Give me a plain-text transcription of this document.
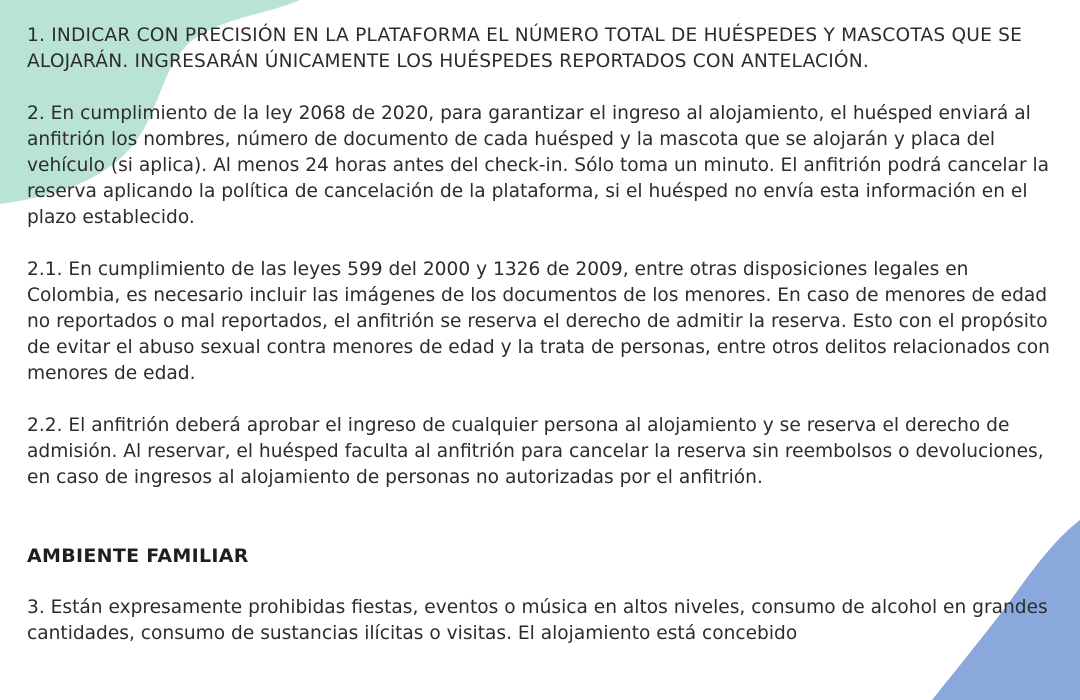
1. INDICAR CON PRECISIÓN EN LA PLATAFORMA EL NÚMERO TOTAL DE HUÉSPEDES Y MASCOTAS QUE SE ALOJARÁN. INGRESARÁN ÚNICAMENTE LOS HUÉSPEDES REPORTADOS CON ANTELACIÓN.

2. En cumplimiento de la ley 2068 de 2020, para garantizar el ingreso al alojamiento, el huésped enviará al anfitrión los nombres, número de documento de cada huésped y la mascota que se alojarán y placa del vehículo (si aplica). Al menos 24 horas antes del check-in. Sólo toma un minuto. El anfitrión podrá cancelar la reserva aplicando la política de cancelación de la plataforma, si el huésped no envía esta información en el plazo establecido.

2.1. En cumplimiento de las leyes 599 del 2000 y 1326 de 2009, entre otras disposiciones legales en Colombia, es necesario incluir las imágenes de los documentos de los menores. En caso de menores de edad no reportados o mal reportados, el anfitrión se reserva el derecho de admitir la reserva. Esto con el propósito de evitar el abuso sexual contra menores de edad y la trata de personas, entre otros delitos relacionados con menores de edad.

2.2. El anfitrión deberá aprobar el ingreso de cualquier persona al alojamiento y se reserva el derecho de admisión. Al reservar, el huésped faculta al anfitrión para cancelar la reserva sin reembolsos o devoluciones, en caso de ingresos al alojamiento de personas no autorizadas por el anfitrión.

AMBIENTE FAMILIAR

3. Están expresamente prohibidas fiestas, eventos o música en altos niveles, consumo de alcohol en grandes cantidades, consumo de sustancias ilícitas o visitas. El alojamiento está concebido
